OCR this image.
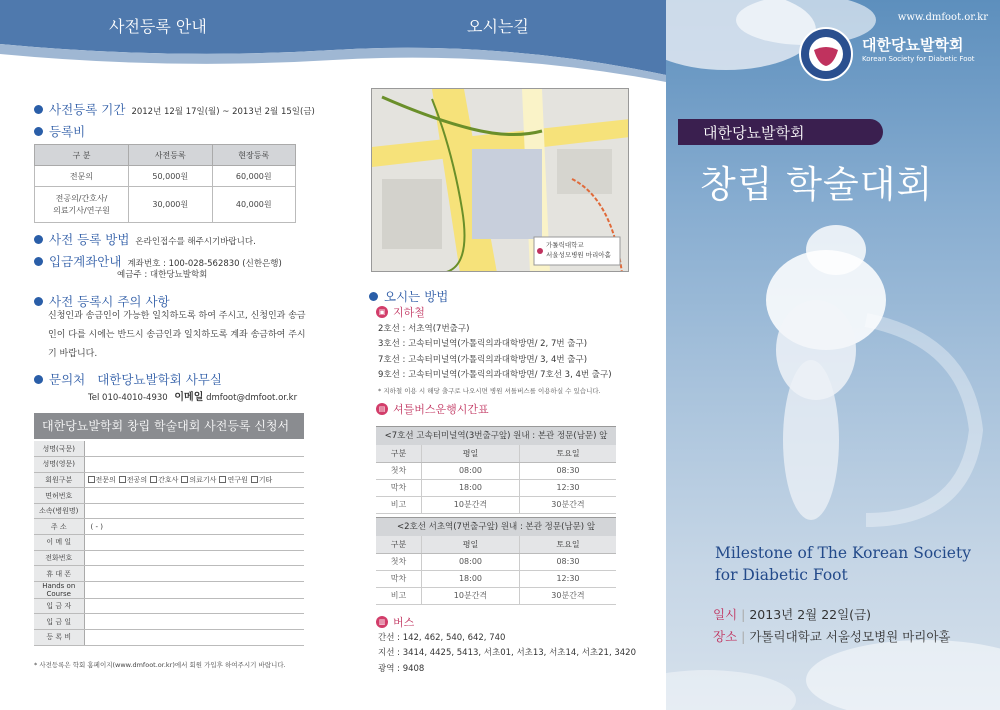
사전등록 안내
사전등록 기간 2012년 12월 17일(월) ~ 2013년 2월 15일(금)
등록비
구 분	사전등록	현장등록
전문의	50,000원	60,000원
전공의/간호사/
의료기사/연구원	30,000원	40,000원
사전 등록 방법 온라인접수를 해주시기바랍니다.
입금계좌안내 계좌번호 : 100-028-562830 (신한은행)
예금주 : 대한당뇨발학회
사전 등록시 주의 사항
신청인과 송금인이 가능한 일치하도록 하여 주시고, 신청인과 송금인이 다를 시에는 반드시 송금인과 일치하도록 계좌 송금하여 주시기 바랍니다.
문의처 대한당뇨발학회 사무실
Tel 010-4010-4930 이메일 dmfoot@dmfoot.or.kr
대한당뇨발학회 창립 학술대회 사전등록 신청서
성명(국문)	
성명(영문)	
회원구분	전문의 전공의 간호사 의료기사 연구원 기타
면허번호	
소속(병원명)	
주 소	( - )
이 메 일	
전화번호	
휴 대 폰	
Hands on Course	
입 금 자	
입 금 일	
등 록 비	
* 사전등록은 학회 홈페이지(www.dmfoot.or.kr)에서 회원 가입후 하여주시기 바랍니다.
오시는길
가톨릭대학교
서울성모병원 마리아홀
오시는 방법
▣ 지하철
2호선 : 서초역(7번출구)
3호선 : 고속터미널역(가톨릭의과대학방면/ 2, 7번 출구)
7호선 : 고속터미널역(가톨릭의과대학방면/ 3, 4번 출구)
9호선 : 고속터미널역(가톨릭의과대학방면/ 7호선 3, 4번 출구)
* 지하철 이용 시 해당 출구로 나오시면 병원 셔틀버스를 이용하실 수 있습니다.
▤ 셔틀버스운행시간표
<7호선 고속터미널역(3번출구앞) 원내 : 본관 정문(남문) 앞
구분	평일	토요일
첫차	08:00	08:30
막차	18:00	12:30
비고	10분간격	30분간격
<2호선 서초역(7번출구앞) 원내 : 본관 정문(남문) 앞
구분	평일	토요일
첫차	08:00	08:30
막차	18:00	12:30
비고	10분간격	30분간격
▥ 버스
간선 : 142, 462, 540, 642, 740
지선 : 3414, 4425, 5413, 서초01, 서초13, 서초14, 서초21, 3420
광역 : 9408
www.dmfoot.or.kr
대한당뇨발학회
Korean Society for Diabetic Foot
대한당뇨발학회
창립 학술대회
Milestone of The Korean Society
for Diabetic Foot
일시 | 2013년 2월 22일(금)
장소 | 가톨릭대학교 서울성모병원 마리아홀
